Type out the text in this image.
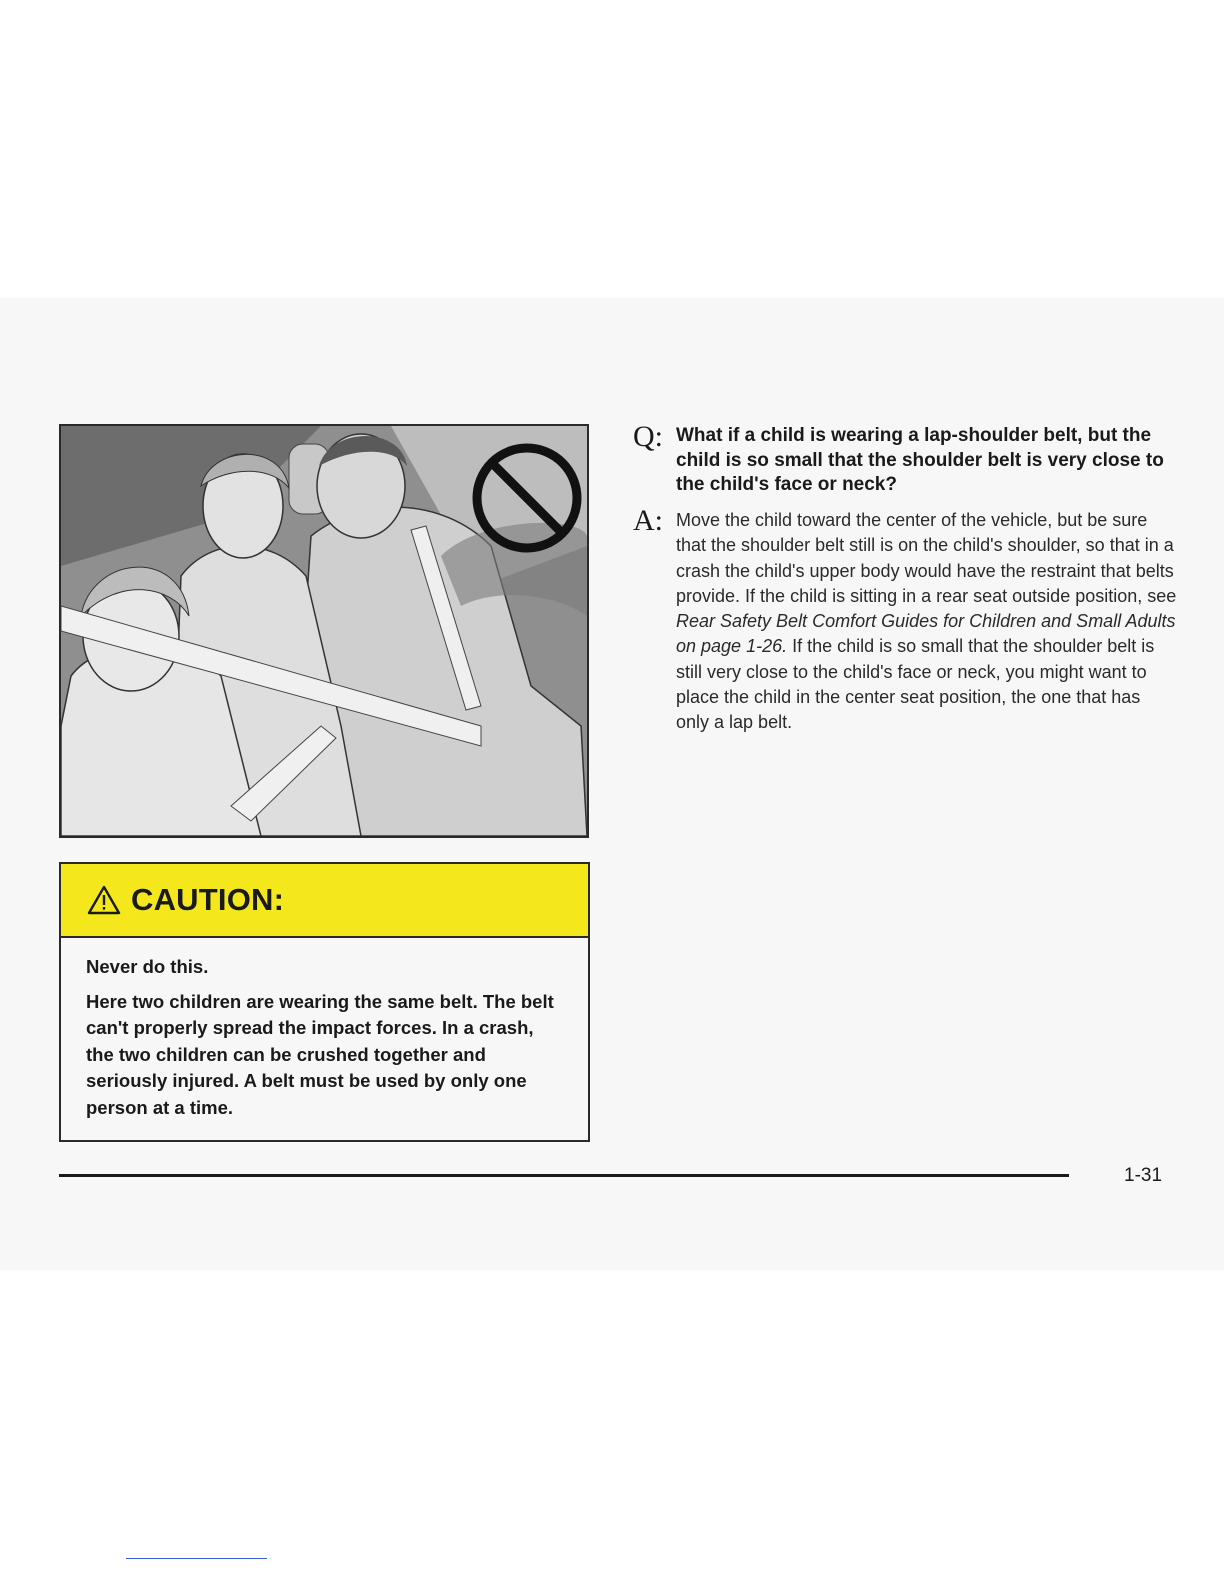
CAUTION:

Never do this.

Here two children are wearing the same belt. The belt can't properly spread the impact forces. In a crash, the two children can be crushed together and seriously injured. A belt must be used by only one person at a time.

Q: What if a child is wearing a lap-shoulder belt, but the child is so small that the shoulder belt is very close to the child's face or neck?
A: Move the child toward the center of the vehicle, but be sure that the shoulder belt still is on the child's shoulder, so that in a crash the child's upper body would have the restraint that belts provide. If the child is sitting in a rear seat outside position, see Rear Safety Belt Comfort Guides for Children and Small Adults on page 1-26. If the child is so small that the shoulder belt is still very close to the child's face or neck, you might want to place the child in the center seat position, the one that has only a lap belt.
1-31
